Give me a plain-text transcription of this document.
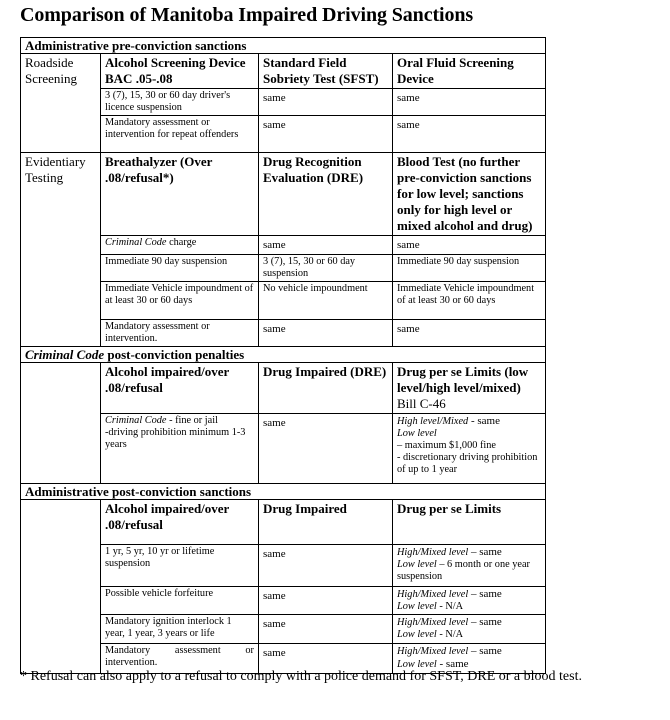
Comparison of Manitoba Impaired Driving Sanctions
Administrative pre-conviction sanctions			
Roadside Screening	Alcohol Screening Device BAC .05-.08	Standard Field Sobriety Test (SFST)	Oral Fluid Screening Device
	3 (7), 15, 30 or 60 day driver's licence suspension	same	same
	Mandatory assessment or intervention for repeat offenders	same	same
Evidentiary Testing	Breathalyzer (Over .08/refusal*)	Drug Recognition Evaluation (DRE)	Blood Test (no further pre-conviction sanctions for low level; sanctions only for high level or mixed alcohol and drug)
	Criminal Code charge	same	same
	Immediate 90 day suspension	3 (7), 15, 30 or 60 day suspension	Immediate 90 day suspension
	Immediate Vehicle impoundment of at least 30 or 60 days	No vehicle impoundment	Immediate Vehicle impoundment of at least 30 or 60 days
	Mandatory assessment or intervention.	same	same
Criminal Code post-conviction penalties			
	Alcohol impaired/over .08/refusal	Drug Impaired (DRE)	Drug per se Limits (low level/high level/mixed)
Bill C-46
	Criminal Code - fine or jail
-driving prohibition minimum 1-3 years	same	High level/Mixed - same
Low level
– maximum $1,000 fine
- discretionary driving prohibition of up to 1 year
Administrative post-conviction sanctions			
	Alcohol impaired/over .08/refusal	Drug Impaired	Drug per se Limits
	1 yr, 5 yr, 10 yr or lifetime suspension	same	High/Mixed level – same
Low level – 6 month or one year suspension
	Possible vehicle forfeiture	same	High/Mixed level – same
Low level - N/A
	Mandatory ignition interlock 1 year, 1 year, 3 years or life	same	High/Mixed level – same
Low level - N/A
	Mandatory assessment or intervention.	same	High/Mixed level – same
Low level - same
* Refusal can also apply to a refusal to comply with a police demand for SFST, DRE or a blood test.
